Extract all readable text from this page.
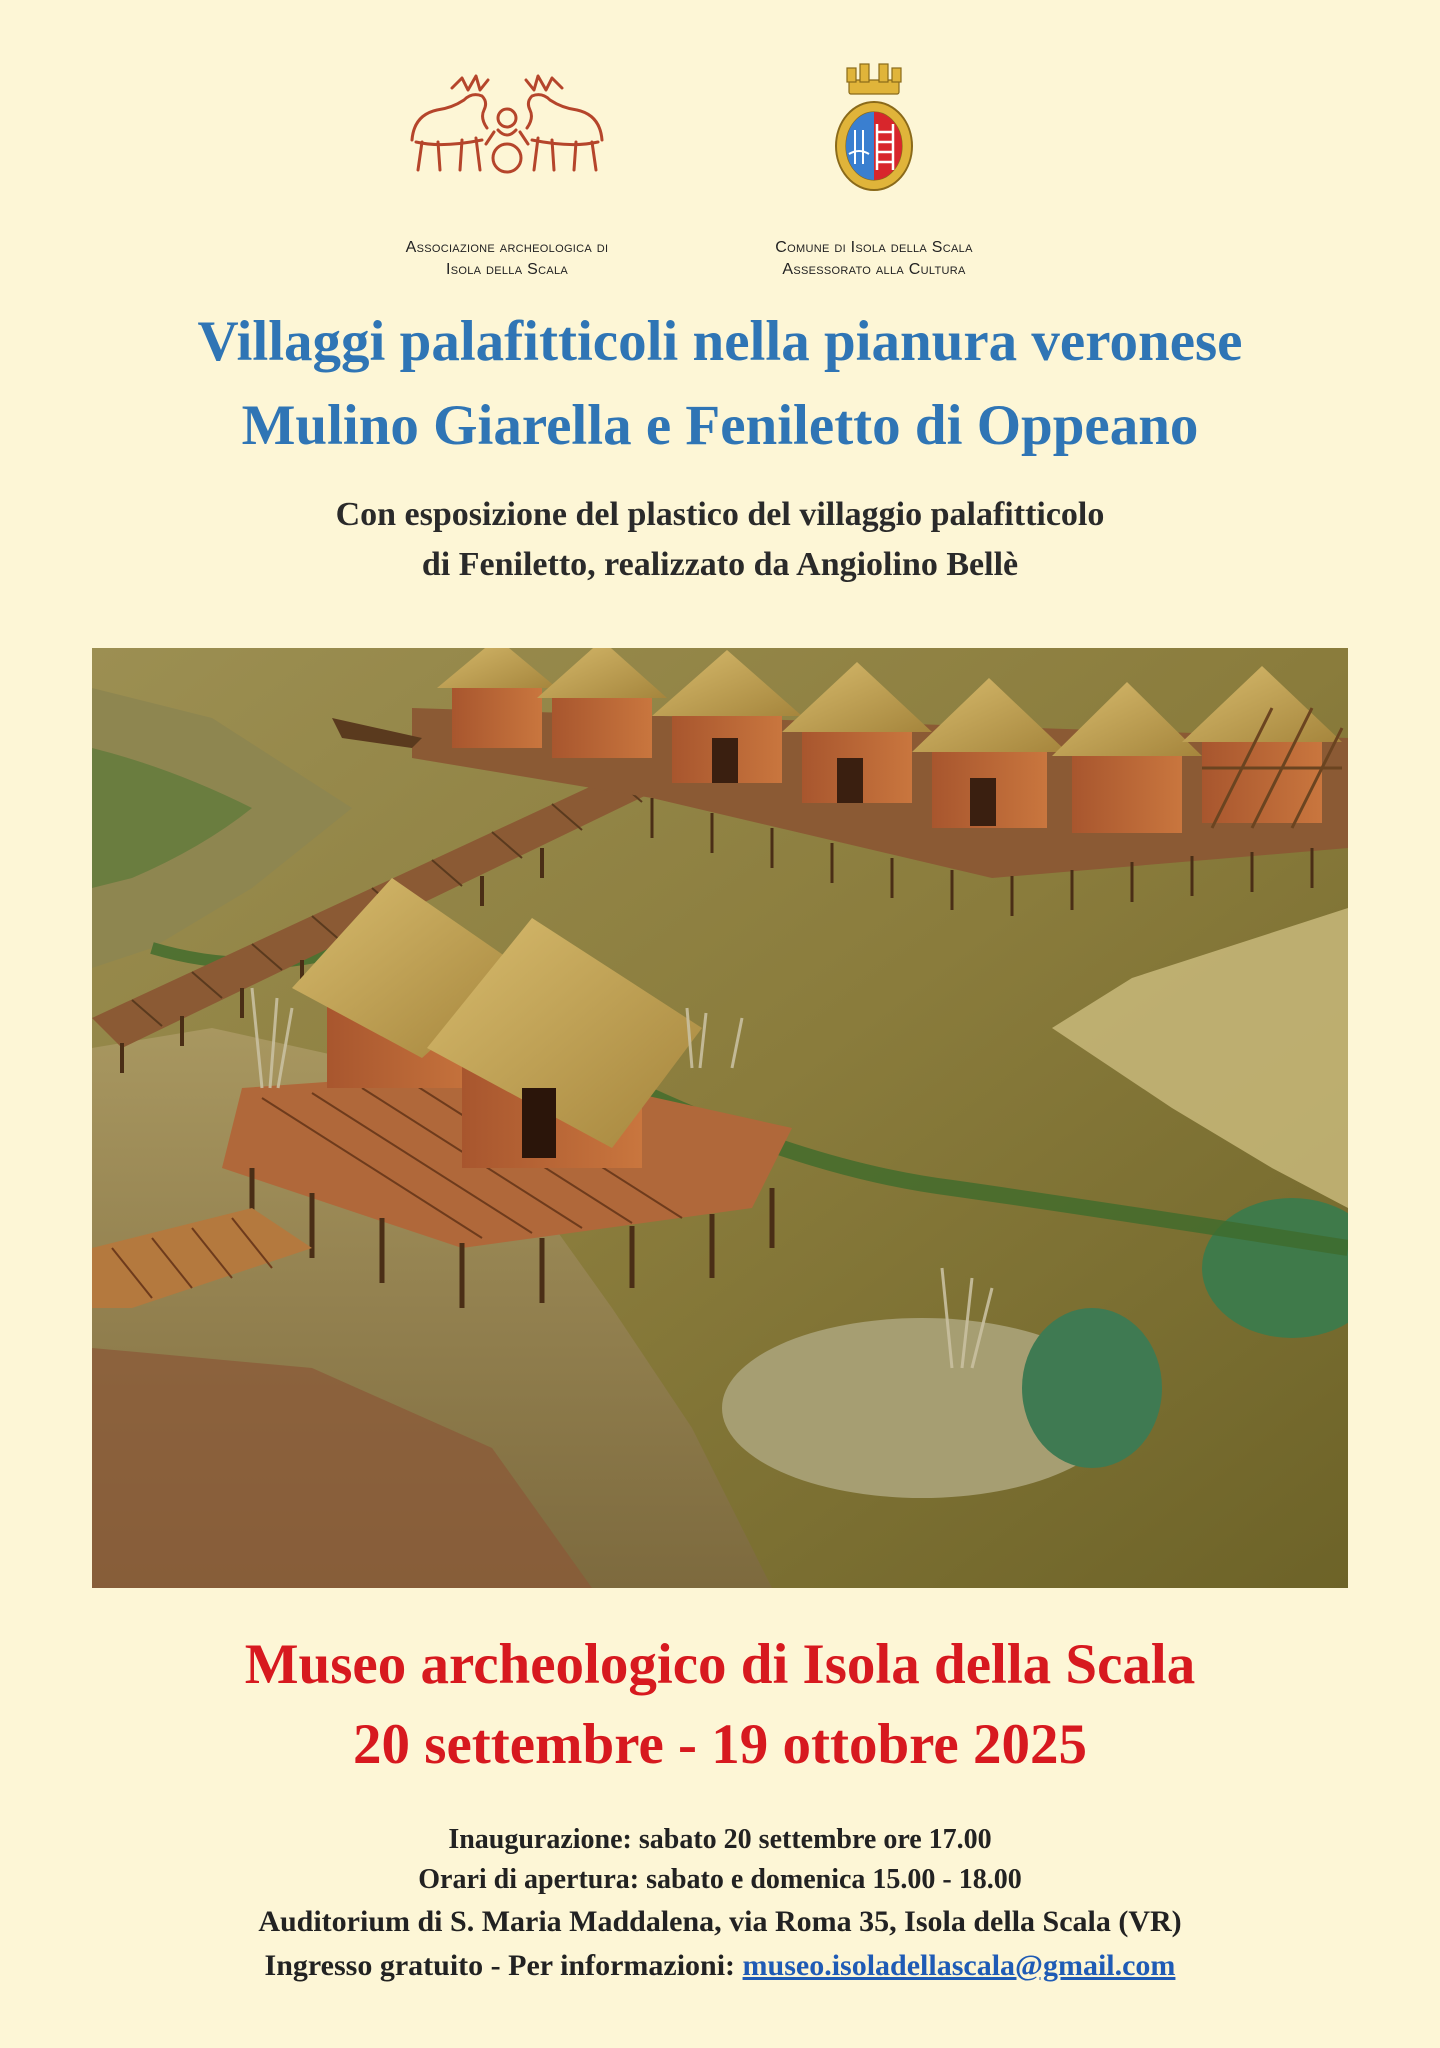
Associazione archeologica di
Isola della Scala
Comune di Isola della Scala
Assessorato alla Cultura
Villaggi palafitticoli nella pianura veronese
Mulino Giarella e Feniletto di Oppeano
Con esposizione del plastico del villaggio palafitticolo
di Feniletto, realizzato da Angiolino Bellè
Museo archeologico di Isola della Scala
20 settembre - 19 ottobre 2025
Inaugurazione: sabato 20 settembre ore 17.00
Orari di apertura: sabato e domenica 15.00 - 18.00
Auditorium di S. Maria Maddalena, via Roma 35, Isola della Scala (VR)
Ingresso gratuito - Per informazioni: museo.isoladellascala@gmail.com
